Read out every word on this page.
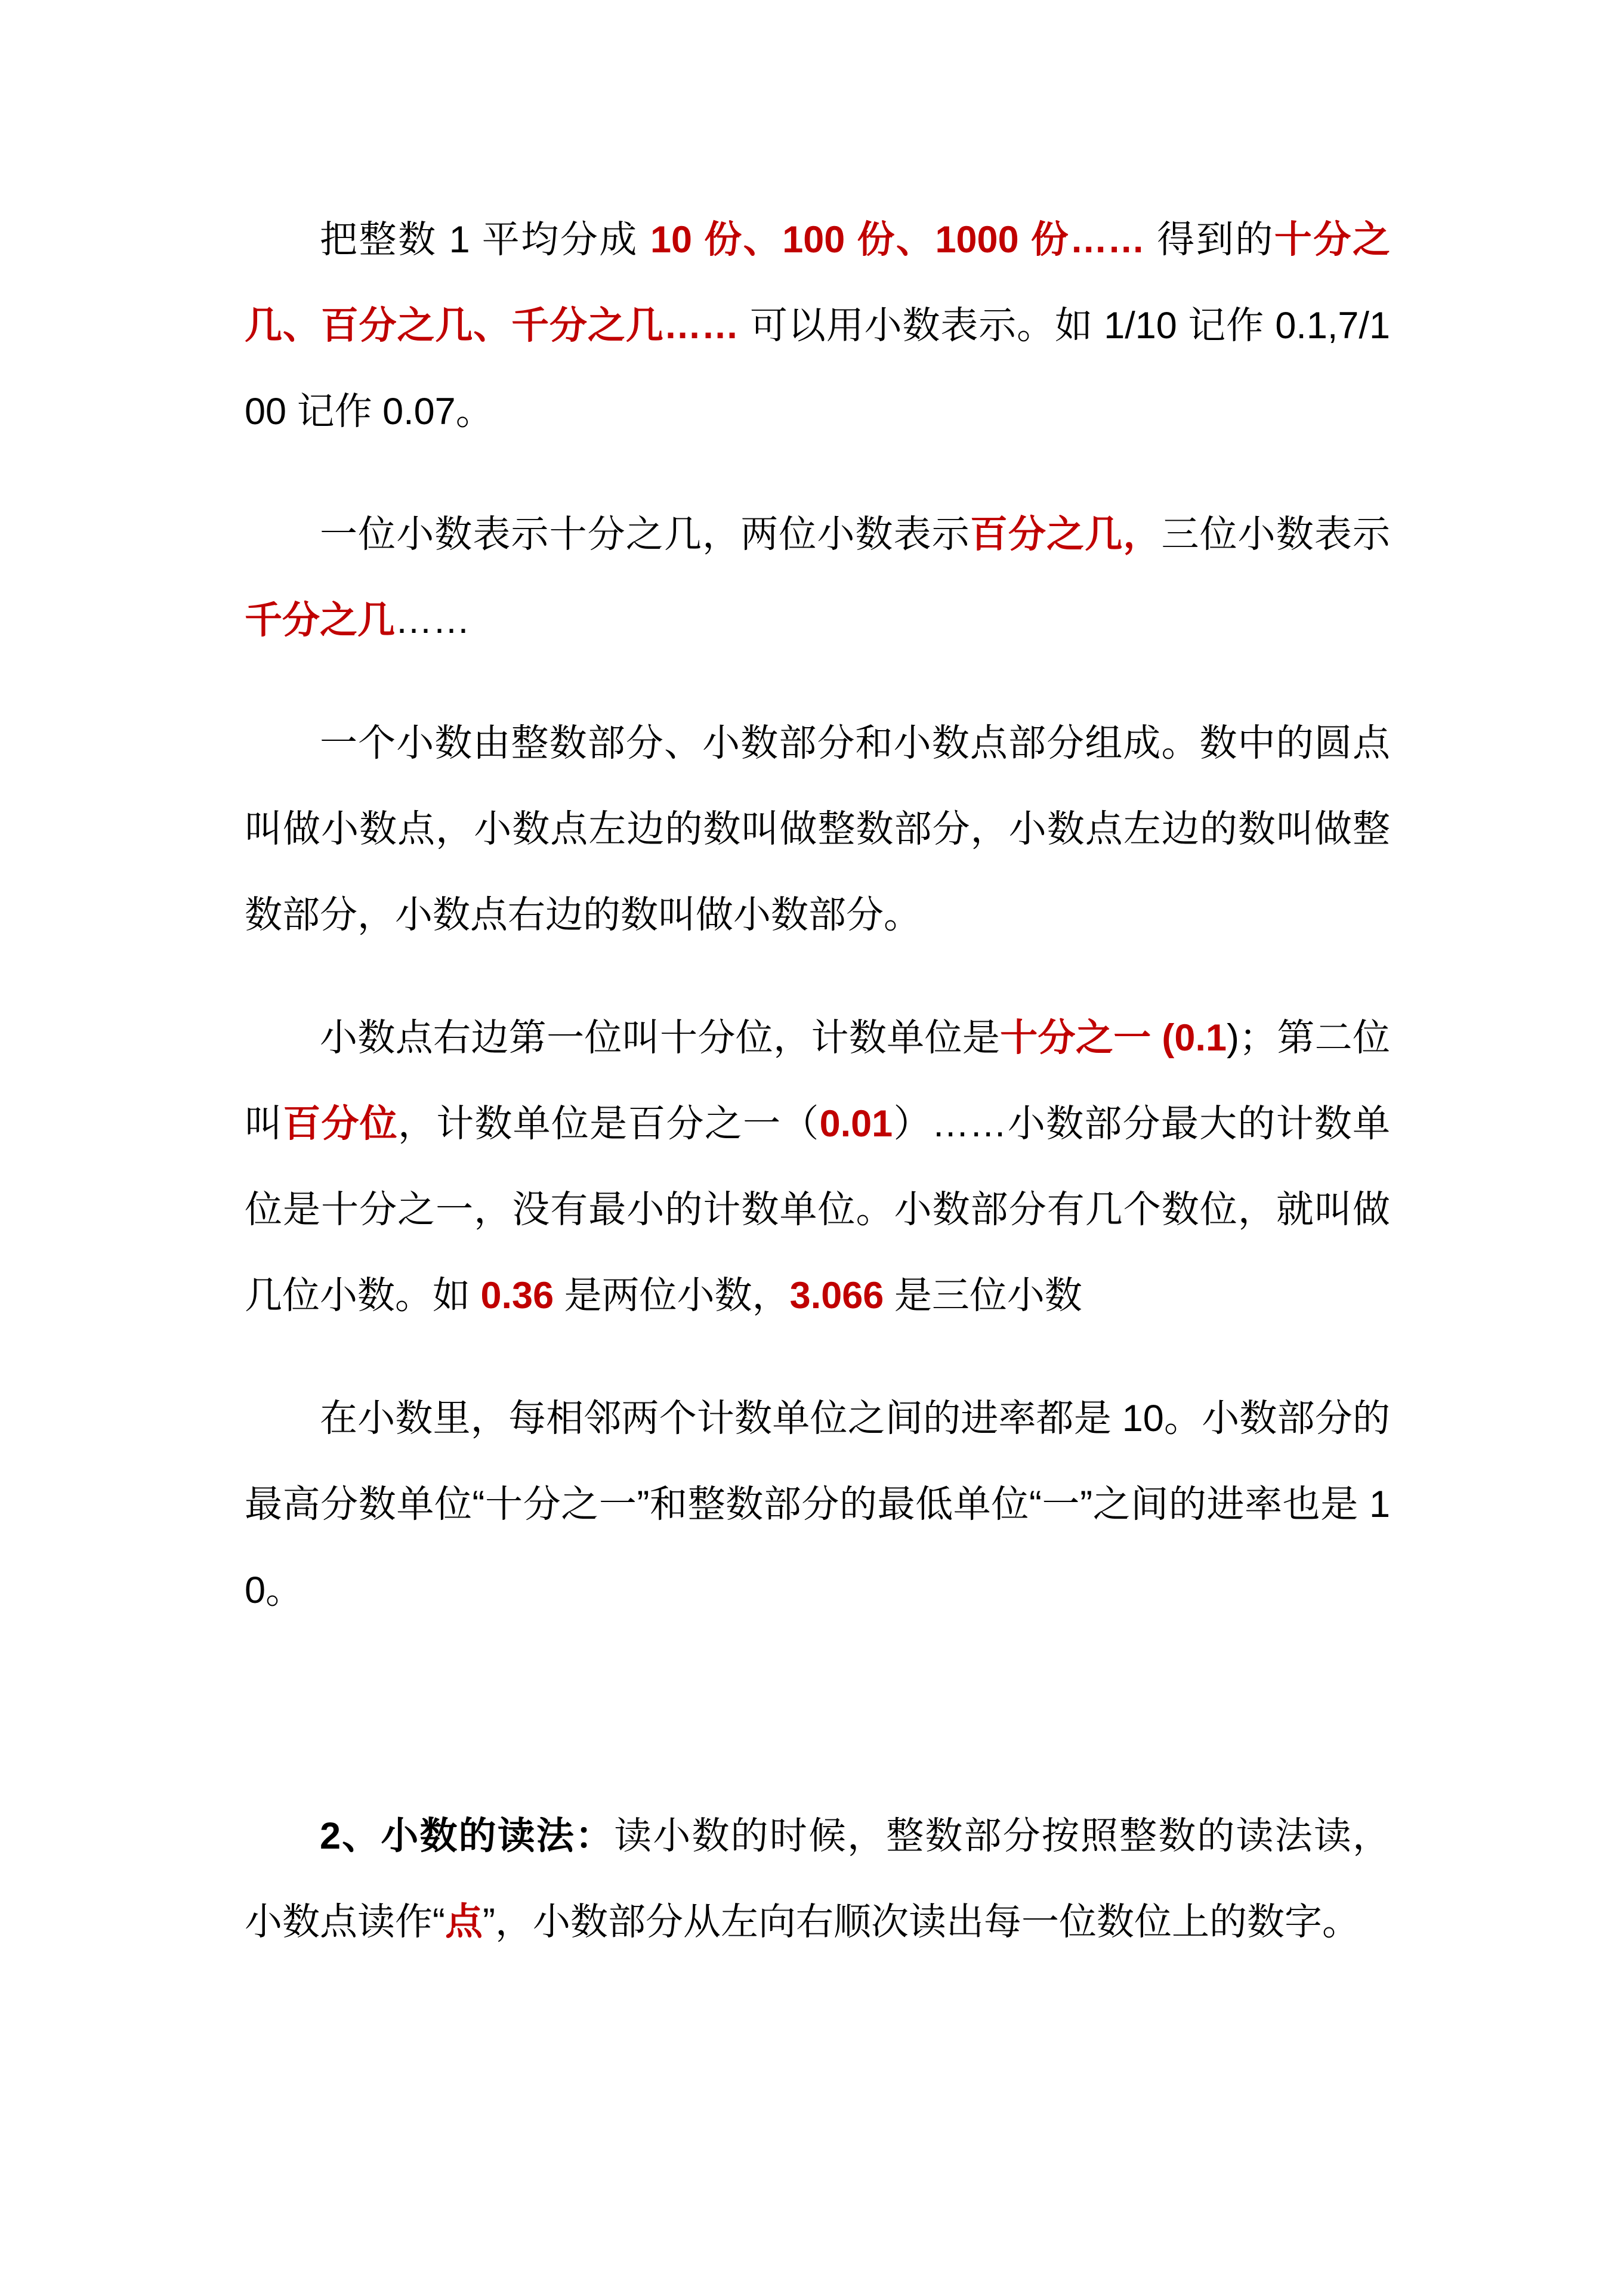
把整数 1 平均分成 10 份、100 份、1000 份…… 得到的十分之几、百分之几、千分之几…… 可以用小数表示。如 1/10 记作 0.1,7/100 记作 0.07。

一位小数表示十分之几，两位小数表示百分之几，三位小数表示千分之几……

一个小数由整数部分、小数部分和小数点部分组成。数中的圆点叫做小数点，小数点左边的数叫做整数部分，小数点左边的数叫做整数部分，小数点右边的数叫做小数部分。

小数点右边第一位叫十分位，计数单位是十分之一 (0.1)；第二位叫百分位，计数单位是百分之一（0.01）……小数部分最大的计数单位是十分之一，没有最小的计数单位。小数部分有几个数位，就叫做几位小数。如 0.36 是两位小数，3.066 是三位小数

在小数里，每相邻两个计数单位之间的进率都是 10。小数部分的最高分数单位“十分之一”和整数部分的最低单位“一”之间的进率也是 10。

2、小数的读法：读小数的时候，整数部分按照整数的读法读，小数点读作“点”，小数部分从左向右顺次读出每一位数位上的数字。
